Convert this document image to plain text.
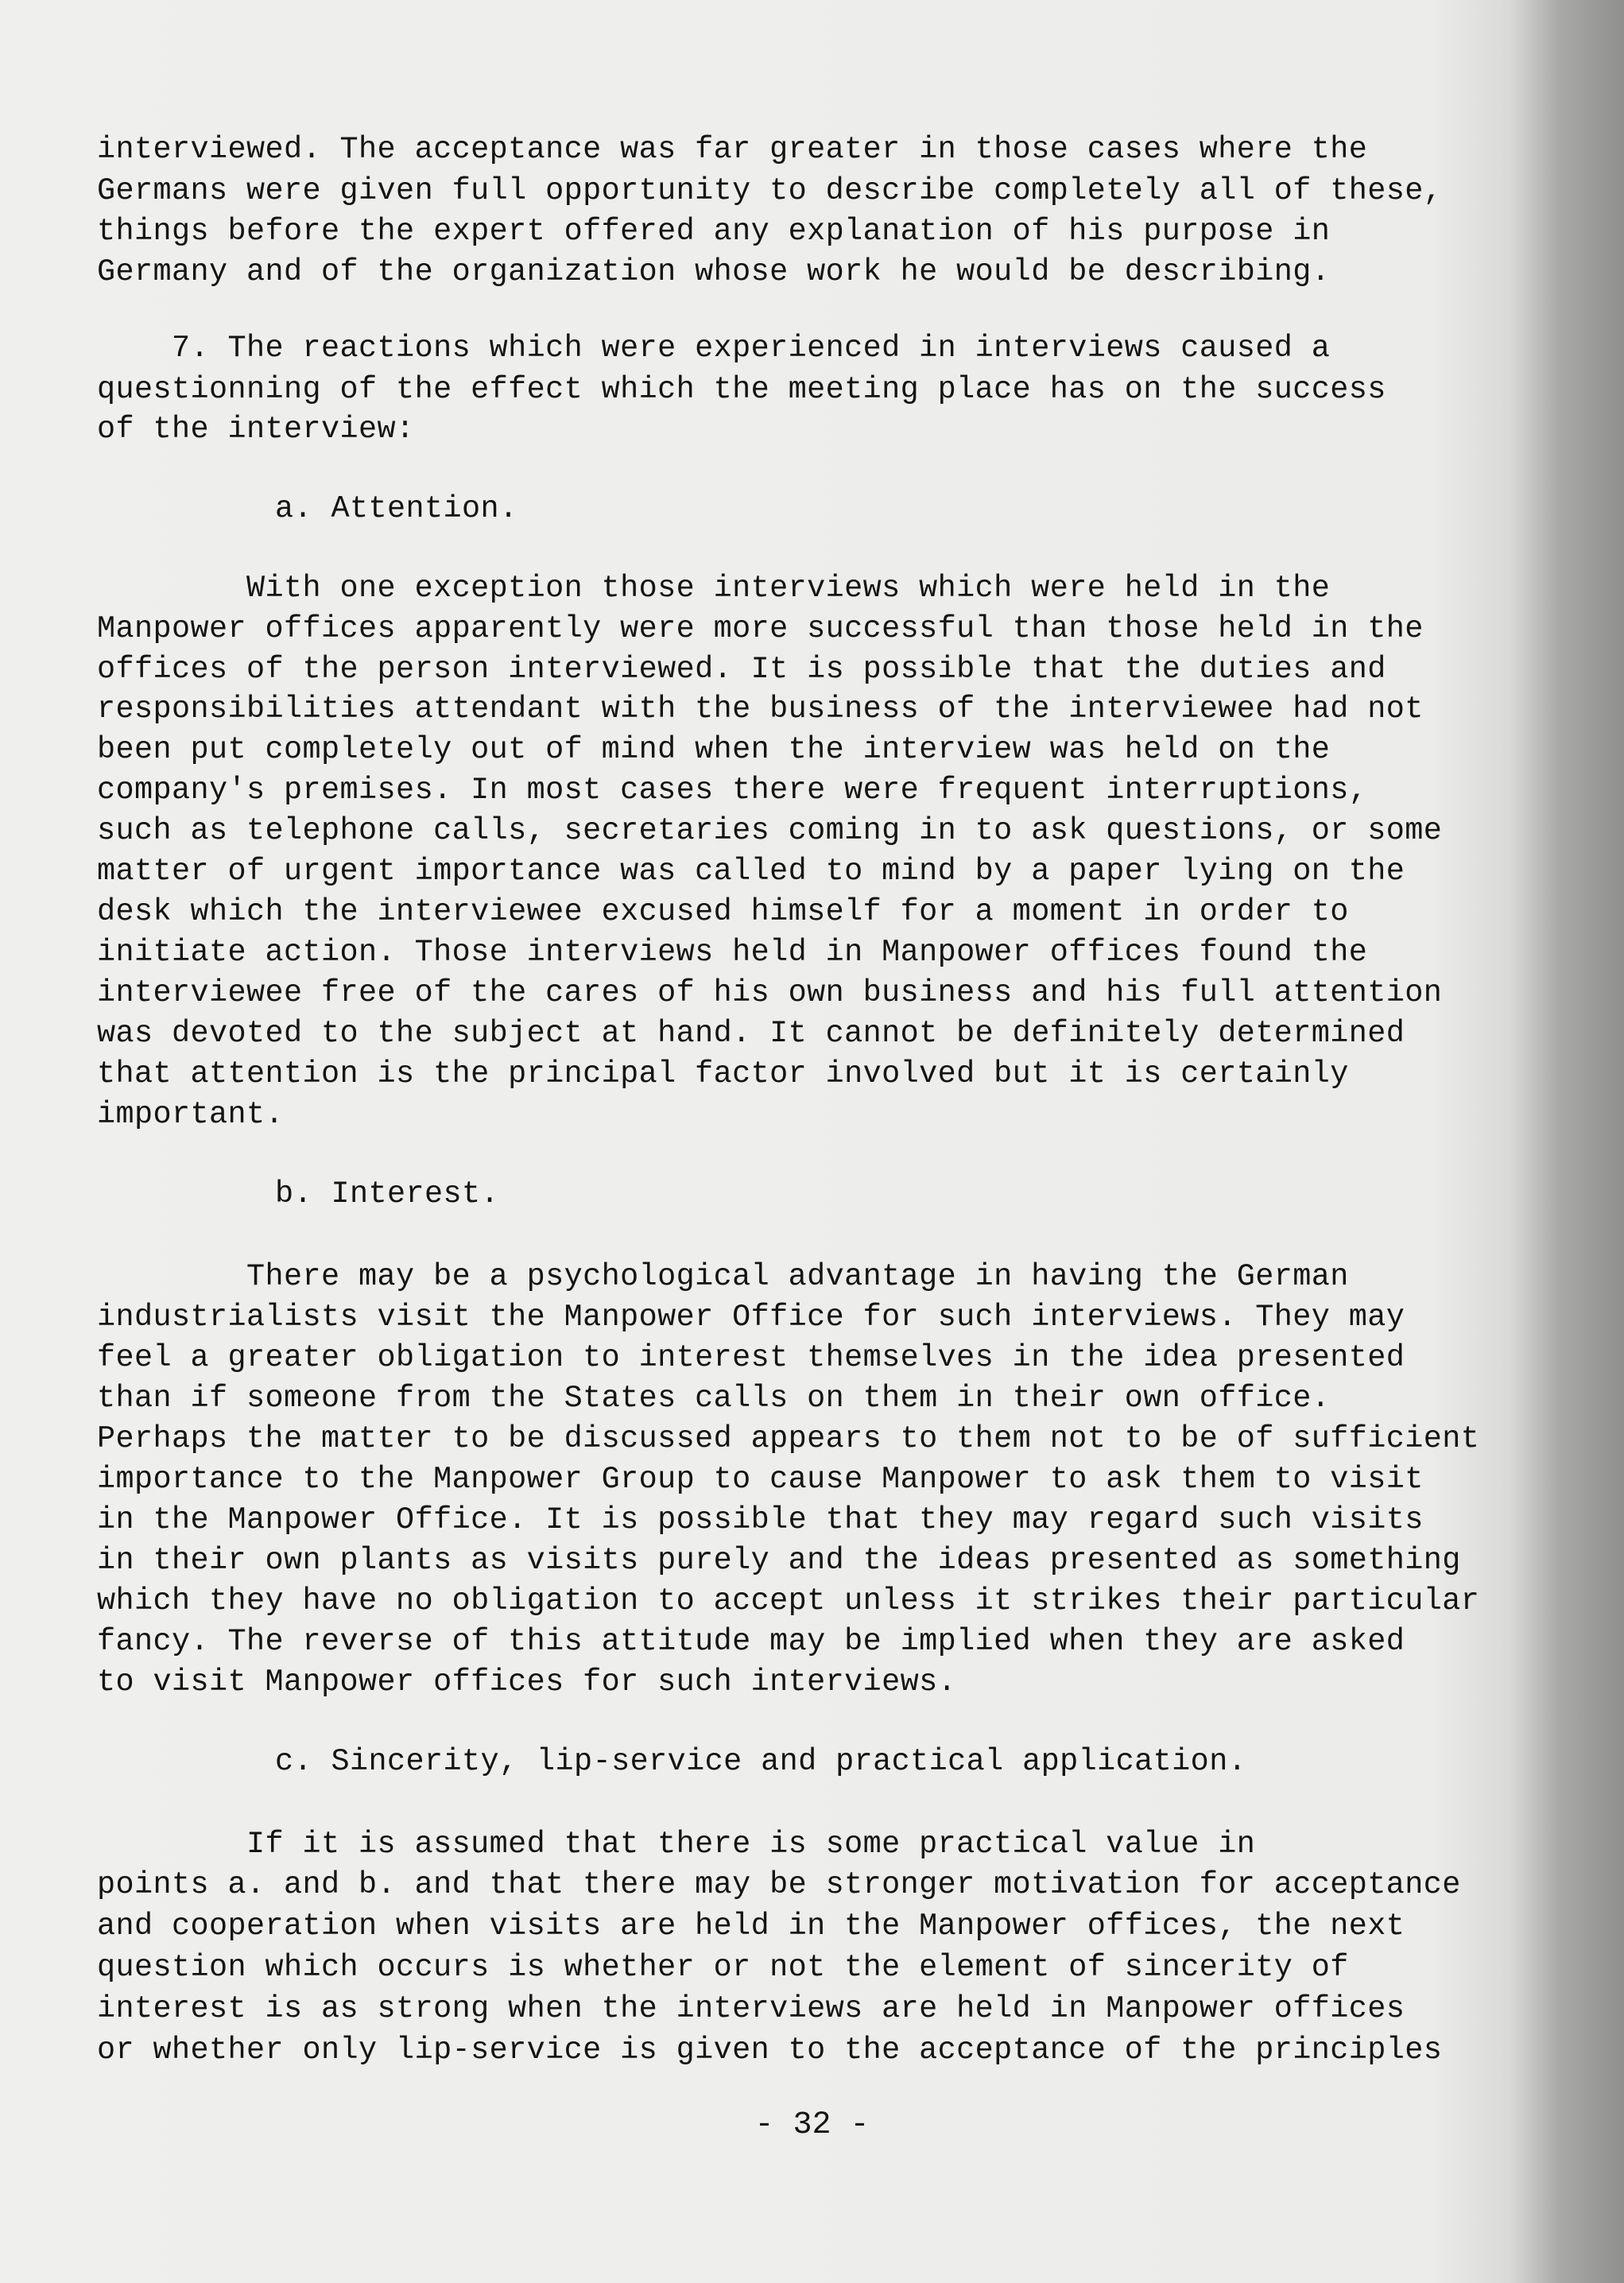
interviewed. The acceptance was far greater in those cases where the
Germans were given full opportunity to describe completely all of these,
things before the expert offered any explanation of his purpose in
Germany and of the organization whose work he would be describing.
7. The reactions which were experienced in interviews caused a
questionning of the effect which the meeting place has on the success
of the interview:
a. Attention.
With one exception those interviews which were held in the
Manpower offices apparently were more successful than those held in the
offices of the person interviewed. It is possible that the duties and
responsibilities attendant with the business of the interviewee had not
been put completely out of mind when the interview was held on the
company's premises. In most cases there were frequent interruptions,
such as telephone calls, secretaries coming in to ask questions, or some
matter of urgent importance was called to mind by a paper lying on the
desk which the interviewee excused himself for a moment in order to
initiate action. Those interviews held in Manpower offices found the
interviewee free of the cares of his own business and his full attention
was devoted to the subject at hand. It cannot be definitely determined
that attention is the principal factor involved but it is certainly
important.
b. Interest.
There may be a psychological advantage in having the German
industrialists visit the Manpower Office for such interviews. They may
feel a greater obligation to interest themselves in the idea presented
than if someone from the States calls on them in their own office.
Perhaps the matter to be discussed appears to them not to be of sufficient
importance to the Manpower Group to cause Manpower to ask them to visit
in the Manpower Office. It is possible that they may regard such visits
in their own plants as visits purely and the ideas presented as something
which they have no obligation to accept unless it strikes their particular
fancy. The reverse of this attitude may be implied when they are asked
to visit Manpower offices for such interviews.
c. Sincerity, lip-service and practical application.
If it is assumed that there is some practical value in
points a. and b. and that there may be stronger motivation for acceptance
and cooperation when visits are held in the Manpower offices, the next
question which occurs is whether or not the element of sincerity of
interest is as strong when the interviews are held in Manpower offices
or whether only lip-service is given to the acceptance of the principles
- 32 -
